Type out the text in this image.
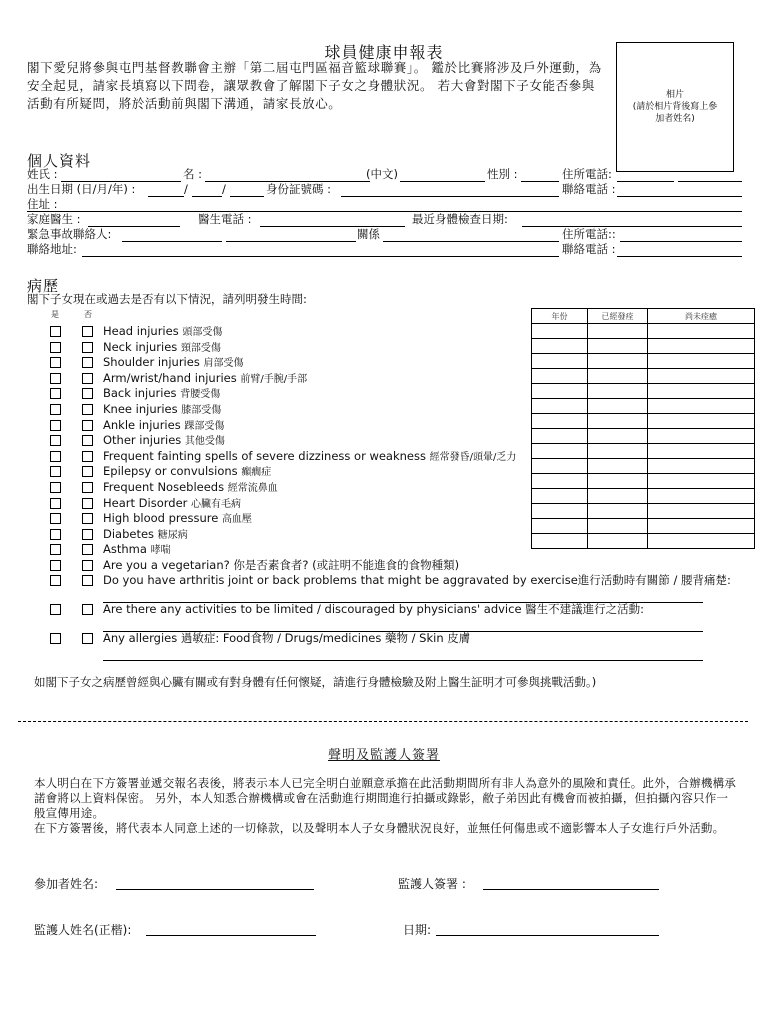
球員健康申報表
閣下愛兒將參與屯門基督教聯會主辦「第二屆屯門區福音籃球聯賽」。 鑑於比賽將涉及戶外運動，為安全起見，請家長填寫以下問卷，讓眾教會了解閣下子女之身體狀況。 若大會對閣下子女能否參與活動有所疑問，將於活動前與閣下溝通，請家長放心。
相片
(請於相片背後寫上參
加者姓名)
個人資料
姓氏 :	名 :	(中文)	性別 :	住所電話:
出生日期 (日/月/年) :	/	/	身份証號碼 :	聯絡電話 :
住址 :
家庭醫生 :	醫生電話 :	最近身體檢查日期:
緊急事故聯絡人:	關係	住所電話::
聯絡地址:	聯絡電話 :
病歷
閣下子女現在或過去是否有以下情況，請列明發生時間:
是	否
Head injuries 頭部受傷
Neck injuries 頸部受傷
Shoulder injuries 肩部受傷
Arm/wrist/hand injuries 前臂/手腕/手部
Back injuries 背腰受傷
Knee injuries 膝部受傷
Ankle injuries 踝部受傷
Other injuries 其他受傷
Frequent fainting spells of severe dizziness or weakness 經常發昏/頭暈/乏力
Epilepsy or convulsions 癲癇症
Frequent Nosebleeds 經常流鼻血
Heart Disorder 心臟有毛病
High blood pressure 高血壓
Diabetes 糖尿病
Asthma 哮喘
年份	已經發痊	尚未痊癒

Are you a vegetarian? 你是否素食者? (或註明不能進食的食物種類)
Do you have arthritis joint or back problems that might be aggravated by exercise進行活動時有關節 / 腰背痛楚:
Are there any activities to be limited / discouraged by physicians' advice 醫生不建議進行之活動:
Any allergies 過敏症: Food食物 / Drugs/medicines 藥物 / Skin 皮膚
如閣下子女之病歷曾經與心臟有關或有對身體有任何懷疑，請進行身體檢驗及附上醫生証明才可參與挑戰活動。)
聲明及監護人簽署
本人明白在下方簽署並遞交報名表後，將表示本人已完全明白並願意承擔在此活動期間所有非人為意外的風險和責任。此外，合辦機構承諾會將以上資料保密。 另外，本人知悉合辦機構或會在活動進行期間進行拍攝或錄影，敝子弟因此有機會而被拍攝，但拍攝內容只作一般宣傳用途。
在下方簽署後，將代表本人同意上述的一切條款，以及聲明本人子女身體狀況良好，並無任何傷患或不適影響本人子女進行戶外活動。
參加者姓名:	監護人簽署 :
監護人姓名(正楷):	日期:
